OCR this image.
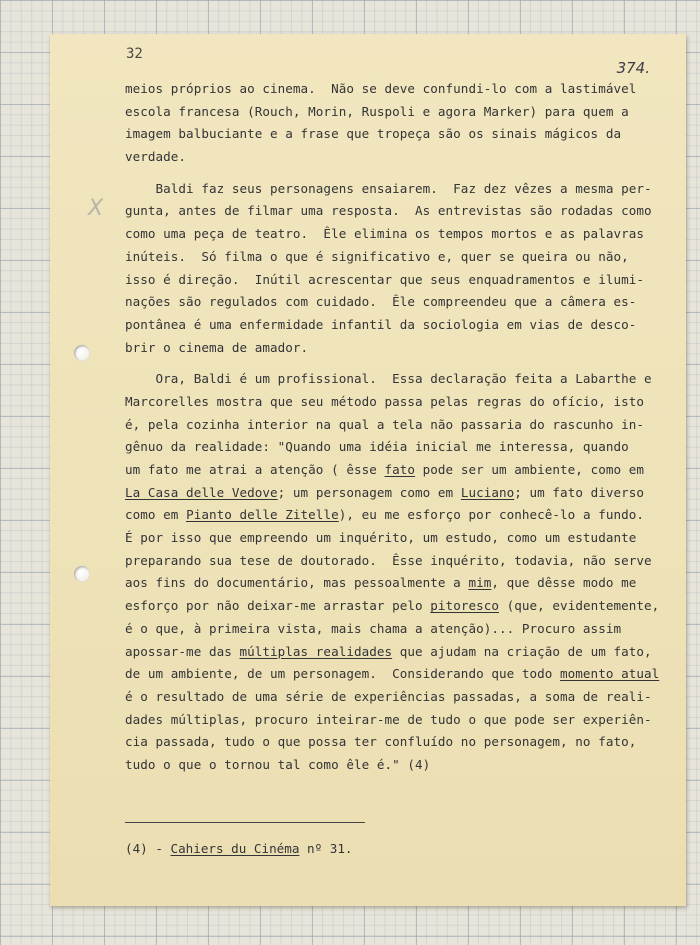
32
374.
X
meios próprios ao cinema.  Não se deve confundi-lo com a lastimável
escola francesa (Rouch, Morin, Ruspoli e agora Marker) para quem a
imagem balbuciante e a frase que tropeça são os sinais mágicos da
verdade.
Baldi faz seus personagens ensaiarem.  Faz dez vêzes a mesma per-
gunta, antes de filmar uma resposta.  As entrevistas são rodadas como
como uma peça de teatro.  Êle elimina os tempos mortos e as palavras
inúteis.  Só filma o que é significativo e, quer se queira ou não,
isso é direção.  Inútil acrescentar que seus enquadramentos e ilumi-
nações são regulados com cuidado.  Êle compreendeu que a câmera es-
pontânea é uma enfermidade infantil da sociologia em vias de desco-
brir o cinema de amador.
Ora, Baldi é um profissional.  Essa declaração feita a Labarthe e
Marcorelles mostra que seu método passa pelas regras do ofício, isto
é, pela cozinha interior na qual a tela não passaria do rascunho in-
gênuo da realidade: "Quando uma idéia inicial me interessa, quando
um fato me atrai a atenção ( êsse fato pode ser um ambiente, como em
La Casa delle Vedove; um personagem como em Luciano; um fato diverso
como em Pianto delle Zitelle), eu me esforço por conhecê-lo a fundo.
É por isso que empreendo um inquérito, um estudo, como um estudante
preparando sua tese de doutorado.  Êsse inquérito, todavia, não serve
aos fins do documentário, mas pessoalmente a mim, que dêsse modo me
esforço por não deixar-me arrastar pelo pitoresco (que, evidentemente,
é o que, à primeira vista, mais chama a atenção)... Procuro assim
apossar-me das múltiplas realidades que ajudam na criação de um fato,
de um ambiente, de um personagem.  Considerando que todo momento atual
é o resultado de uma série de experiências passadas, a soma de reali-
dades múltiplas, procuro inteirar-me de tudo o que pode ser experiên-
cia passada, tudo o que possa ter confluído no personagem, no fato,
tudo o que o tornou tal como êle é." (4)
(4) - Cahiers du Cinéma nº 31.
